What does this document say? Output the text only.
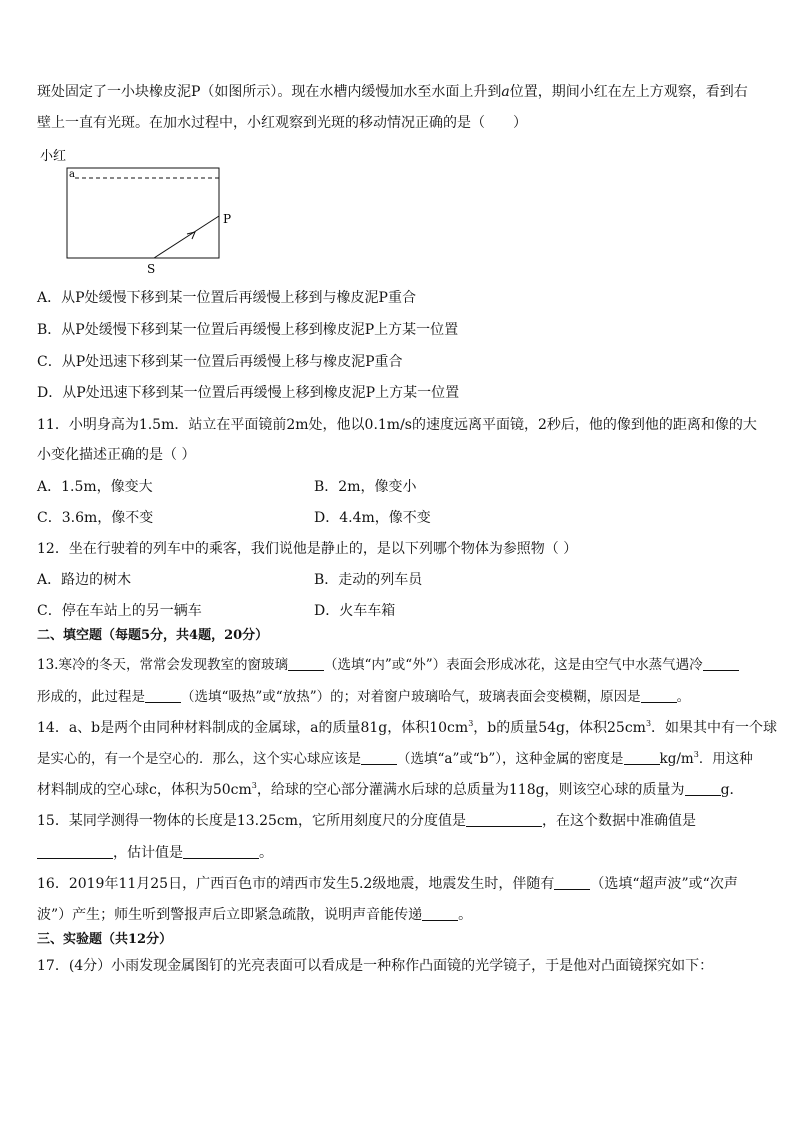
斑处固定了一小块橡皮泥P（如图所示）。现在水槽内缓慢加水至水面上升到a位置，期间小红在左上方观察，看到右
壁上一直有光斑。在加水过程中，小红观察到光斑的移动情况正确的是（　　）
小红
a
P
S
A．从P处缓慢下移到某一位置后再缓慢上移到与橡皮泥P重合
B．从P处缓慢下移到某一位置后再缓慢上移到橡皮泥P上方某一位置
C．从P处迅速下移到某一位置后再缓慢上移与橡皮泥P重合
D．从P处迅速下移到某一位置后再缓慢上移到橡皮泥P上方某一位置
11．小明身高为1.5m．站立在平面镜前2m处，他以0.1m/s的速度远离平面镜，2秒后，他的像到他的距离和像的大
小变化描述正确的是（ ）
A．1.5m，像变大	B．2m，像变小
C．3.6m，像不变	D．4.4m，像不变
12．坐在行驶着的列车中的乘客，我们说他是静止的，是以下列哪个物体为参照物（ ）
A．路边的树木	B．走动的列车员
C．停在车站上的另一辆车	D．火车车箱
二、填空题（每题5分，共4题，20分）
13.寒冷的冬天，常常会发现教室的窗玻璃	（选填“内”或“外”）表面会形成冰花，这是由空气中水蒸气遇冷
形成的，此过程是	（选填“吸热”或“放热”）的；对着窗户玻璃哈气，玻璃表面会变模糊，原因是	。
14．a、b是两个由同种材料制成的金属球，a的质量81g，体积$10cm^3$，b的质量54g，体积$25cm^3$．如果其中有一个球
是实心的，有一个是空心的．那么，这个实心球应该是	（选填“a”或“b”），这种金属的密度是	$kg/m^3$．用这种
材料制成的空心球c，体积为$50cm^3$，给球的空心部分灌满水后球的总质量为118g，则该空心球的质量为	g．
15．某同学测得一物体的长度是13.25cm，它所用刻度尺的分度值是	，在这个数据中准确值是
，估计值是	。
16．2019年11月25日，广西百色市的靖西市发生5.2级地震，地震发生时，伴随有	（选填“超声波”或“次声
波”）产生；师生听到警报声后立即紧急疏散，说明声音能传递	。
三、实验题（共12分）
17．(4分）小雨发现金属图钉的光亮表面可以看成是一种称作凸面镜的光学镜子，于是他对凸面镜探究如下：
